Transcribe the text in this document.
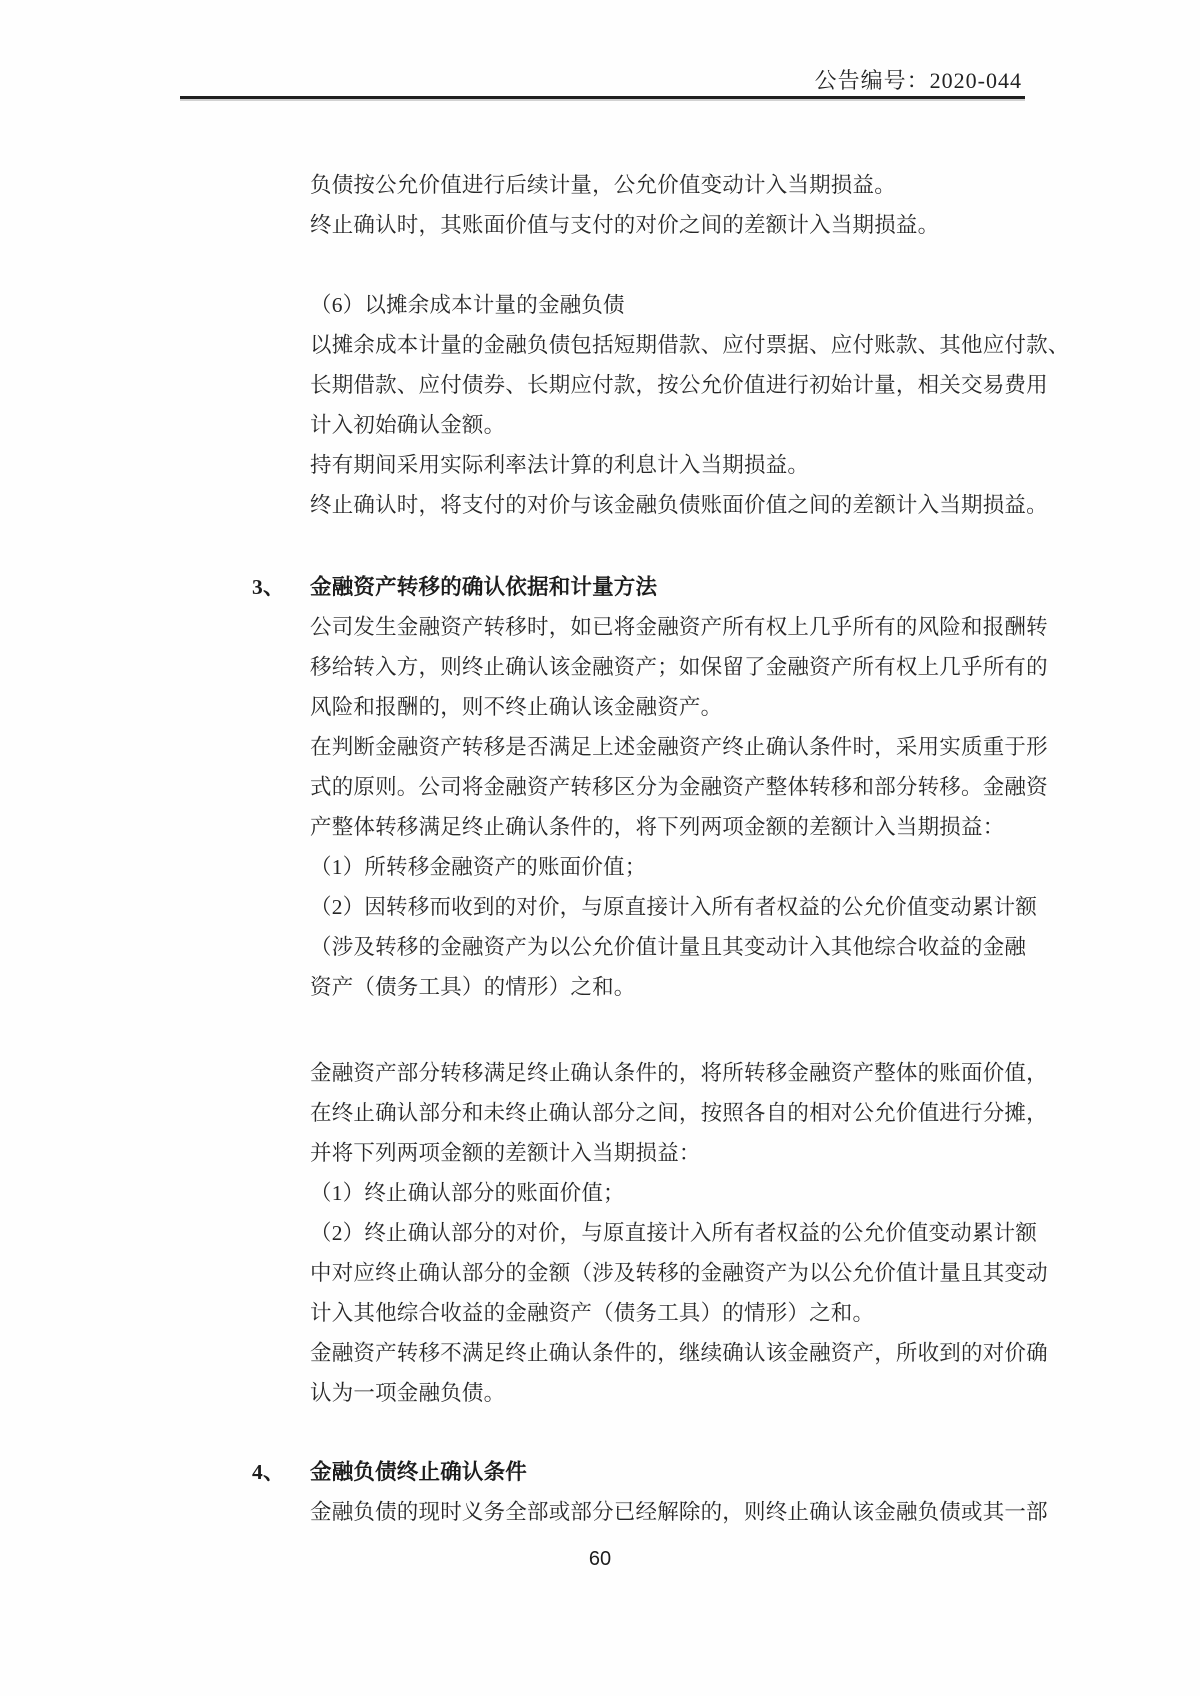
公告编号：2020-044
负债按公允价值进行后续计量，公允价值变动计入当期损益。
终止确认时，其账面价值与支付的对价之间的差额计入当期损益。
（6）以摊余成本计量的金融负债
以摊余成本计量的金融负债包括短期借款、应付票据、应付账款、其他应付款、
长期借款、应付债券、长期应付款，按公允价值进行初始计量，相关交易费用
计入初始确认金额。
持有期间采用实际利率法计算的利息计入当期损益。
终止确认时，将支付的对价与该金融负债账面价值之间的差额计入当期损益。
3、 金融资产转移的确认依据和计量方法
公司发生金融资产转移时，如已将金融资产所有权上几乎所有的风险和报酬转
移给转入方，则终止确认该金融资产；如保留了金融资产所有权上几乎所有的
风险和报酬的，则不终止确认该金融资产。
在判断金融资产转移是否满足上述金融资产终止确认条件时，采用实质重于形
式的原则。公司将金融资产转移区分为金融资产整体转移和部分转移。金融资
产整体转移满足终止确认条件的，将下列两项金额的差额计入当期损益：
（1）所转移金融资产的账面价值；
（2）因转移而收到的对价，与原直接计入所有者权益的公允价值变动累计额
（涉及转移的金融资产为以公允价值计量且其变动计入其他综合收益的金融
资产（债务工具）的情形）之和。
金融资产部分转移满足终止确认条件的，将所转移金融资产整体的账面价值，
在终止确认部分和未终止确认部分之间，按照各自的相对公允价值进行分摊，
并将下列两项金额的差额计入当期损益：
（1）终止确认部分的账面价值；
（2）终止确认部分的对价，与原直接计入所有者权益的公允价值变动累计额
中对应终止确认部分的金额（涉及转移的金融资产为以公允价值计量且其变动
计入其他综合收益的金融资产（债务工具）的情形）之和。
金融资产转移不满足终止确认条件的，继续确认该金融资产，所收到的对价确
认为一项金融负债。
4、 金融负债终止确认条件
金融负债的现时义务全部或部分已经解除的，则终止确认该金融负债或其一部
60
